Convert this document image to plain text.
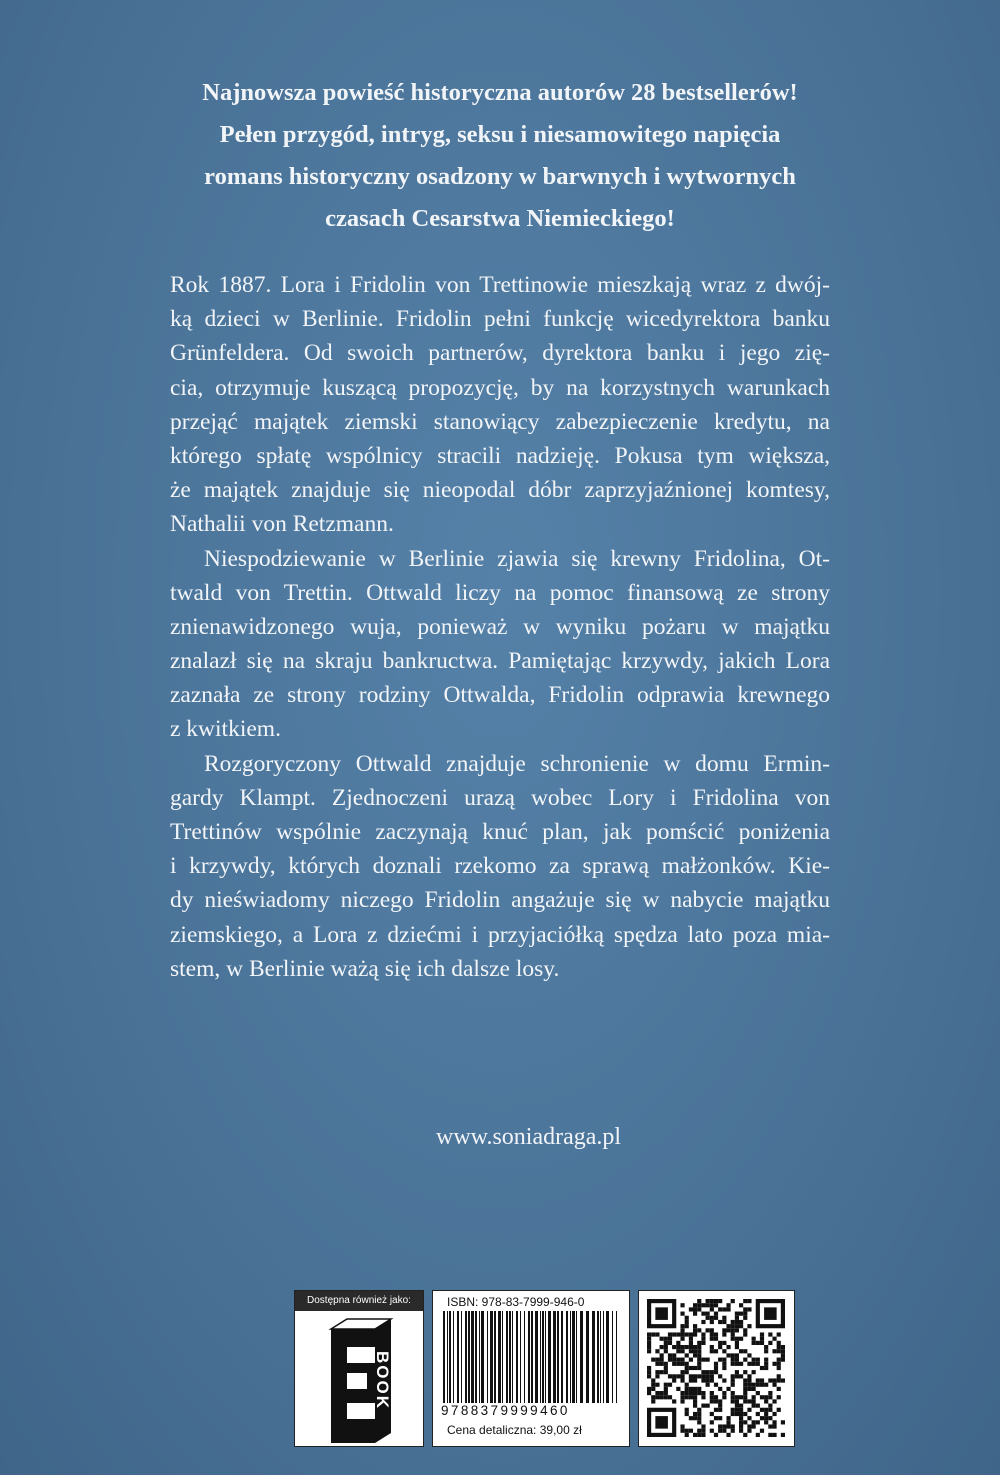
Najnowsza powieść historyczna autorów 28 bestsellerów!
Pełen przygód, intryg, seksu i niesamowitego napięcia
romans historyczny osadzony w barwnych i wytwornych
czasach Cesarstwa Niemieckiego!
Rok 1887. Lora i Fridolin von Trettinowie mieszkają wraz z dwój-
ką dzieci w Berlinie. Fridolin pełni funkcję wicedyrektora banku
Grünfeldera. Od swoich partnerów, dyrektora banku i jego zię-
cia, otrzymuje kuszącą propozycję, by na korzystnych warunkach
przejąć majątek ziemski stanowiący zabezpieczenie kredytu, na
którego spłatę wspólnicy stracili nadzieję. Pokusa tym większa,
że majątek znajduje się nieopodal dóbr zaprzyjaźnionej komtesy,
Nathalii von Retzmann.
Niespodziewanie w Berlinie zjawia się krewny Fridolina, Ot-
twald von Trettin. Ottwald liczy na pomoc finansową ze strony
znienawidzonego wuja, ponieważ w wyniku pożaru w majątku
znalazł się na skraju bankructwa. Pamiętając krzywdy, jakich Lora
zaznała ze strony rodziny Ottwalda, Fridolin odprawia krewnego
z kwitkiem.
Rozgoryczony Ottwald znajduje schronienie w domu Ermin-
gardy Klampt. Zjednoczeni urazą wobec Lory i Fridolina von
Trettinów wspólnie zaczynają knuć plan, jak pomścić poniżenia
i krzywdy, których doznali rzekomo za sprawą małżonków. Kie-
dy nieświadomy niczego Fridolin angażuje się w nabycie majątku
ziemskiego, a Lora z dziećmi i przyjaciółką spędza lato poza mia-
stem, w Berlinie ważą się ich dalsze losy.
www.soniadraga.pl
Dostępna również jako:
E
BOOK
ISBN: 978-83-7999-946-0
9788379999460
Cena detaliczna: 39,00 zł
